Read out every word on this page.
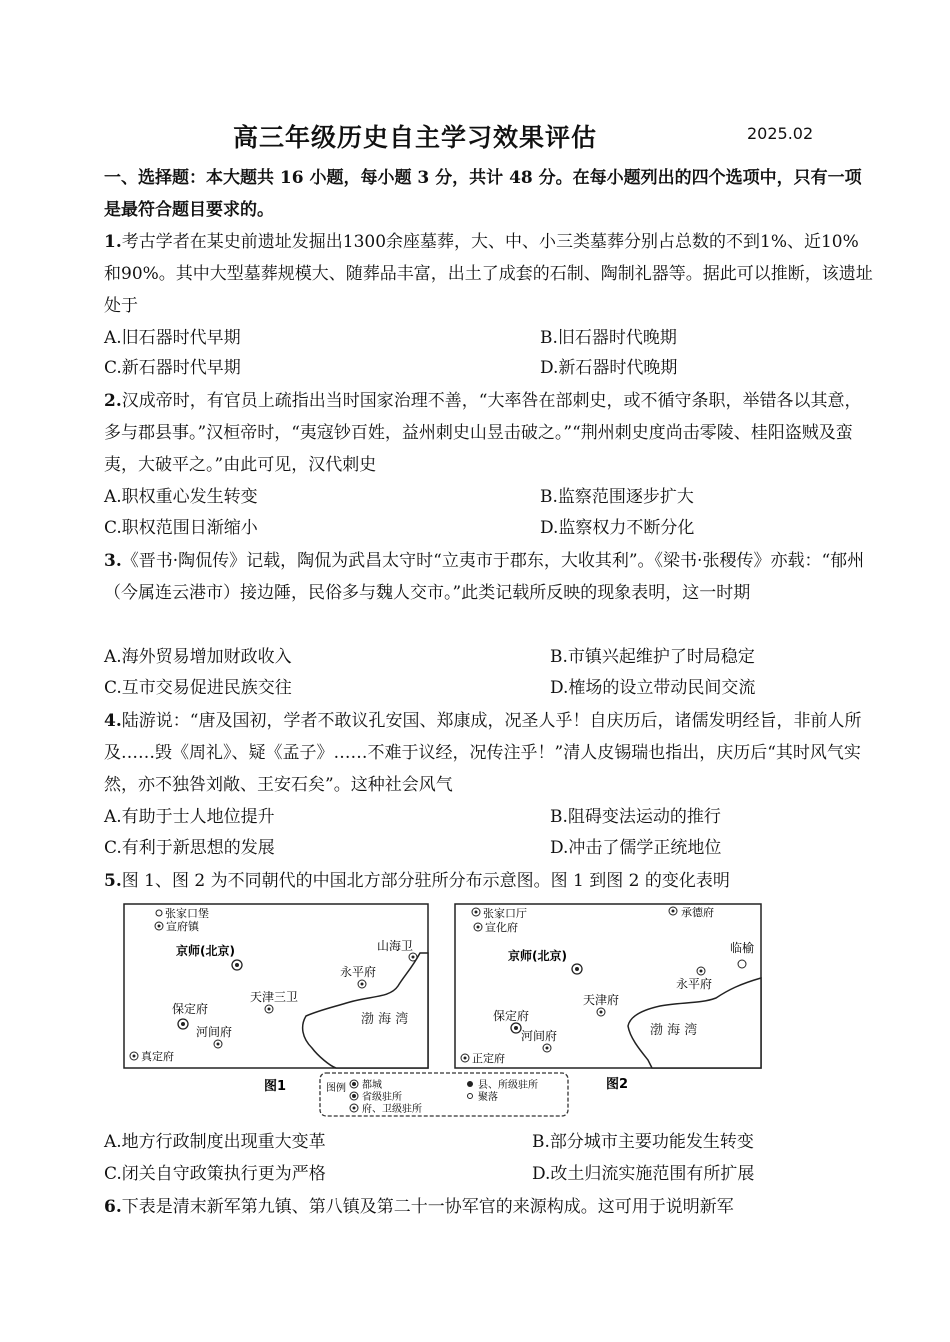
高三年级历史自主学习效果评估	2025.02
一、选择题：本大题共 16 小题，每小题 3 分，共计 48 分。在每小题列出的四个选项中，只有一项是最符合题目要求的。
1.考古学者在某史前遗址发掘出1300余座墓葬，大、中、小三类墓葬分别占总数的不到1%、近10%和90%。其中大型墓葬规模大、随葬品丰富，出土了成套的石制、陶制礼器等。据此可以推断，该遗址处于
A.旧石器时代早期	B.旧石器时代晚期
C.新石器时代早期	D.新石器时代晚期
2.汉成帝时，有官员上疏指出当时国家治理不善，“大率咎在部刺史，或不循守条职，举错各以其意，多与郡县事。”汉桓帝时，“夷寇钞百姓，益州刺史山昱击破之。”“荆州刺史度尚击零陵、桂阳盗贼及蛮夷，大破平之。”由此可见，汉代刺史
A.职权重心发生转变	B.监察范围逐步扩大
C.职权范围日渐缩小	D.监察权力不断分化
3.《晋书·陶侃传》记载，陶侃为武昌太守时“立夷市于郡东，大收其利”。《梁书·张稷传》亦载：“郁州（今属连云港市）接边陲，民俗多与魏人交市。”此类记载所反映的现象表明，这一时期
A.海外贸易增加财政收入	B.市镇兴起维护了时局稳定
C.互市交易促进民族交往	D.榷场的设立带动民间交流
4.陆游说：“唐及国初，学者不敢议孔安国、郑康成，况圣人乎！自庆历后，诸儒发明经旨，非前人所及……毁《周礼》、疑《孟子》……不难于议经，况传注乎！”清人皮锡瑞也指出，庆历后“其时风气实然，亦不独咎刘敞、王安石矣”。这种社会风气
A.有助于士人地位提升	B.阻碍变法运动的推行
C.有利于新思想的发展	D.冲击了儒学正统地位
5.图 1、图 2 为不同朝代的中国北方部分驻所分布示意图。图 1 到图 2 的变化表明
渤 海 湾
张家口堡
宣府镇
京师(北京)	山海卫
永平府
天津三卫
保定府
河间府
真定府
图1
渤 海 湾
张家口厅
宣化府
承德府
京师(北京)
临榆
永平府
天津府
保定府
河间府
正定府
图2
图例 都城
省级驻所
府、卫级驻所
县、所级驻所
聚落
A.地方行政制度出现重大变革	B.部分城市主要功能发生转变
C.闭关自守政策执行更为严格	D.改土归流实施范围有所扩展
6.下表是清末新军第九镇、第八镇及第二十一协军官的来源构成。这可用于说明新军
